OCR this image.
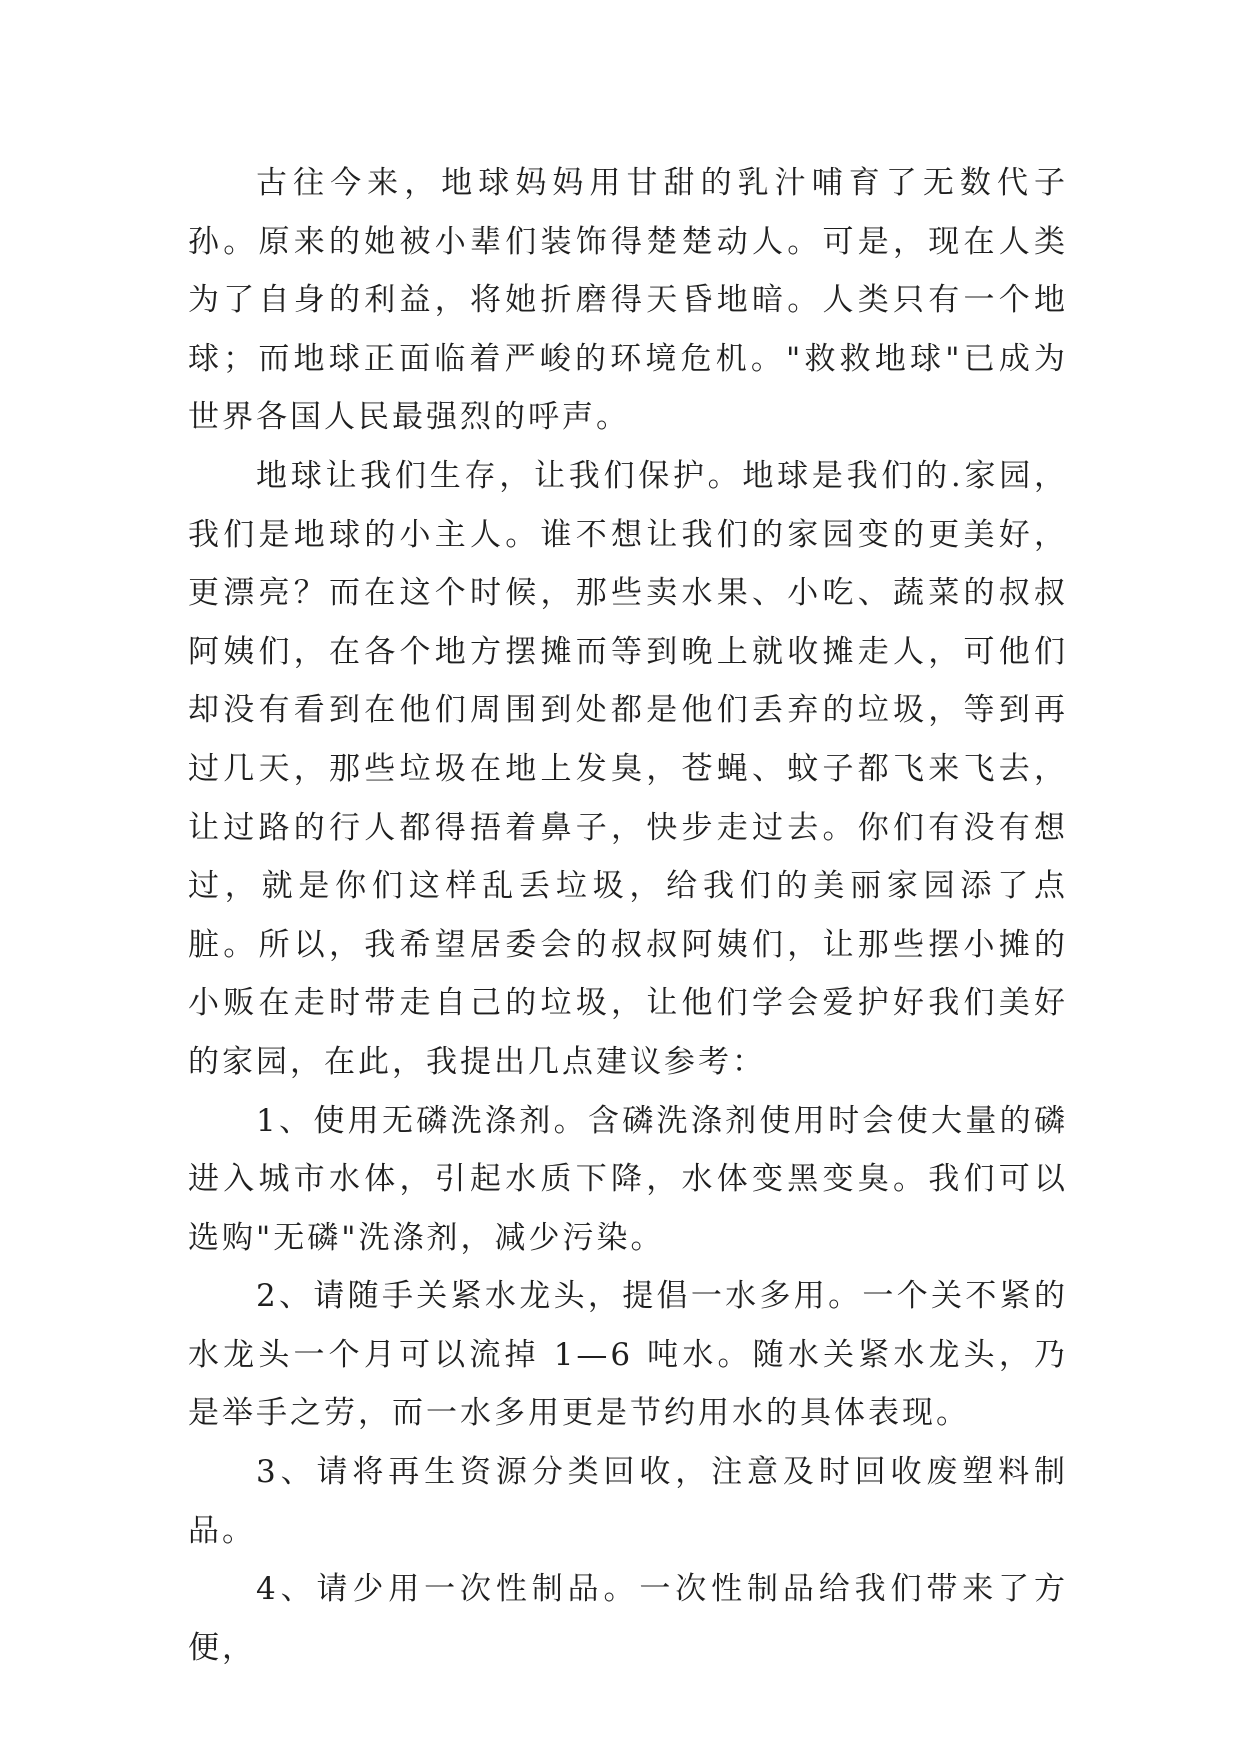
古往今来，地球妈妈用甘甜的乳汁哺育了无数代子孙。原来的她被小辈们装饰得楚楚动人。可是，现在人类为了自身的利益，将她折磨得天昏地暗。人类只有一个地球；而地球正面临着严峻的环境危机。"救救地球"已成为世界各国人民最强烈的呼声。

地球让我们生存，让我们保护。地球是我们的.家园，我们是地球的小主人。谁不想让我们的家园变的更美好，更漂亮？而在这个时候，那些卖水果、小吃、蔬菜的叔叔阿姨们，在各个地方摆摊而等到晚上就收摊走人，可他们却没有看到在他们周围到处都是他们丢弃的垃圾，等到再过几天，那些垃圾在地上发臭，苍蝇、蚊子都飞来飞去，让过路的行人都得捂着鼻子，快步走过去。你们有没有想过，就是你们这样乱丢垃圾，给我们的美丽家园添了点脏。所以，我希望居委会的叔叔阿姨们，让那些摆小摊的小贩在走时带走自己的垃圾，让他们学会爱护好我们美好的家园，在此，我提出几点建议参考：

1、使用无磷洗涤剂。含磷洗涤剂使用时会使大量的磷进入城市水体，引起水质下降，水体变黑变臭。我们可以选购"无磷"洗涤剂，减少污染。

2、请随手关紧水龙头，提倡一水多用。一个关不紧的水龙头一个月可以流掉 1—6 吨水。随水关紧水龙头，乃是举手之劳，而一水多用更是节约用水的具体表现。

3、请将再生资源分类回收，注意及时回收废塑料制品。

4、请少用一次性制品。一次性制品给我们带来了方便，
